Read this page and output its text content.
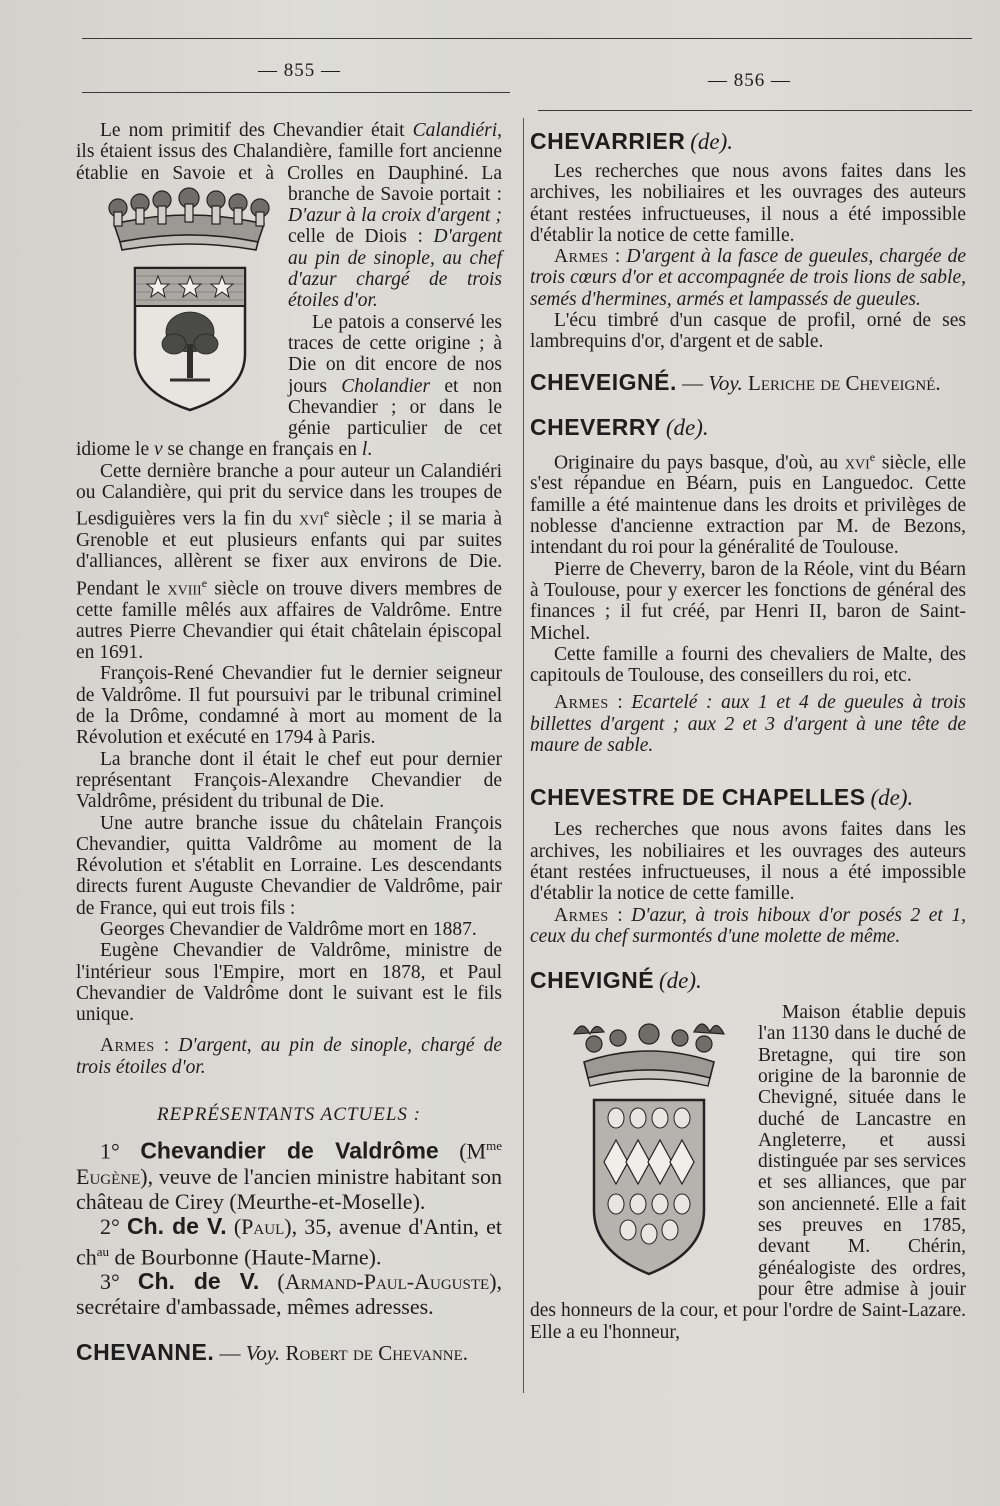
— 855 —	— 856 —

Le nom primitif des Chevandier était Calandiéri, ils étaient issus des Chalandière, famille fort ancienne établie en Savoie et à Crolles en Dauphiné. La branche de Savoie portait :
D'azur à la croix d'argent ; celle de Diois : D'argent au pin de sinople, au chef d'azur chargé de trois étoiles d'or.

Le patois a conservé les traces de cette origine ; à Die on dit encore de nos jours Cholandier et non Chevandier ; or dans le génie particulier de cet idiome le v se change en français en l.

Cette dernière branche a pour auteur un Calandiéri ou Calandière, qui prit du service dans les troupes de Lesdiguières vers la fin du xvi$^e$ siècle ; il se maria à Grenoble et eut plusieurs enfants qui par suites d'alliances, allèrent se fixer aux environs de Die. Pendant le xviii$^e$ siècle on trouve divers membres de cette famille mêlés aux affaires de Valdrôme. Entre autres Pierre Chevandier qui était châtelain épiscopal en 1691.

François-René Chevandier fut le dernier seigneur de Valdrôme. Il fut poursuivi par le tribunal criminel de la Drôme, condamné à mort au moment de la Révolution et exécuté en 1794 à Paris.

La branche dont il était le chef eut pour dernier représentant François-Alexandre Chevandier de Valdrôme, président du tribunal de Die.

Une autre branche issue du châtelain François Chevandier, quitta Valdrôme au moment de la Révolution et s'établit en Lorraine. Les descendants directs furent Auguste Chevandier de Valdrôme, pair de France, qui eut trois fils :

Georges Chevandier de Valdrôme mort en 1887.

Eugène Chevandier de Valdrôme, ministre de l'intérieur sous l'Empire, mort en 1878, et Paul Chevandier de Valdrôme dont le suivant est le fils unique.

Armes : D'argent, au pin de sinople, chargé de trois étoiles d'or.

REPRÉSENTANTS ACTUELS :

1° Chevandier de Valdrôme ($M^{me}$ Eugène), veuve de l'ancien ministre habitant son château de Cirey (Meurthe-et-Moselle).

2° Ch. de V. (Paul), 35, avenue d'Antin, et $ch^{au}$ de Bourbonne (Haute-Marne).

3° Ch. de V. (Armand-Paul-Auguste), secrétaire d'ambassade, mêmes adresses.

CHEVANNE. — Voy. Robert de Chevanne.

CHEVARRIER (de).

Les recherches que nous avons faites dans les archives, les nobiliaires et les ouvrages des auteurs étant restées infructueuses, il nous a été impossible d'établir la notice de cette famille.

Armes : D'argent à la fasce de gueules, chargée de trois cœurs d'or et accompagnée de trois lions de sable, semés d'hermines, armés et lampassés de gueules.

L'écu timbré d'un casque de profil, orné de ses lambrequins d'or, d'argent et de sable.

CHEVEIGNÉ. — Voy. Leriche de Cheveigné.

CHEVERRY (de).

Originaire du pays basque, d'où, au xvi$^e$ siècle, elle s'est répandue en Béarn, puis en Languedoc. Cette famille a été maintenue dans les droits et privilèges de noblesse d'ancienne extraction par M. de Bezons, intendant du roi pour la généralité de Toulouse.

Pierre de Cheverry, baron de la Réole, vint du Béarn à Toulouse, pour y exercer les fonctions de général des finances ; il fut créé, par Henri II, baron de Saint-Michel.

Cette famille a fourni des chevaliers de Malte, des capitouls de Toulouse, des conseillers du roi, etc.

Armes : Ecartelé : aux 1 et 4 de gueules à trois billettes d'argent ; aux 2 et 3 d'argent à une tête de maure de sable.

CHEVESTRE DE CHAPELLES (de).

Les recherches que nous avons faites dans les archives, les nobiliaires et les ouvrages des auteurs étant restées infructueuses, il nous a été impossible d'établir la notice de cette famille.

Armes : D'azur, à trois hiboux d'or posés 2 et 1, ceux du chef surmontés d'une molette de même.

CHEVIGNÉ (de).

Maison établie depuis l'an 1130 dans le duché de Bretagne, qui tire son origine de la baronnie de Chevigné, située dans le duché de Lancastre en Angleterre, et aussi distinguée par ses services et ses alliances, que par son ancienneté. Elle a fait ses preuves en 1785, devant M. Chérin, généalogiste des ordres, pour être admise à jouir des honneurs de la cour, et pour l'ordre de Saint-Lazare. Elle a eu l'honneur,
